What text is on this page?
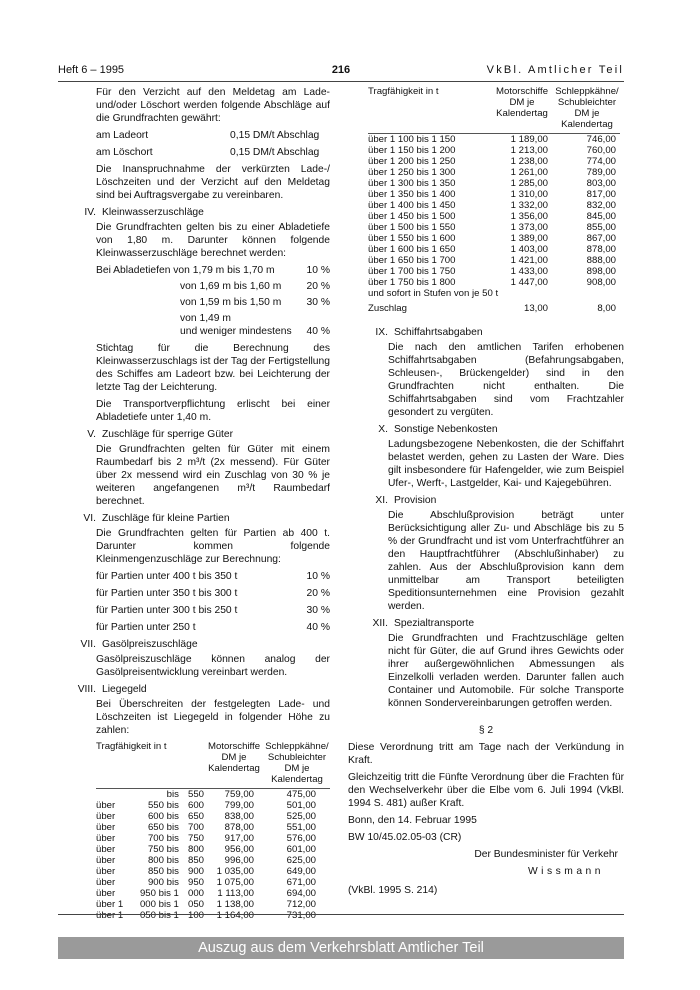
Heft 6 – 1995	216	VkBl. Amtlicher Teil

Für den Verzicht auf den Meldetag am Lade- und/oder Löschort werden folgende Abschläge auf die Grundfrachten gewährt:

am Ladeort	0,15 DM/t Abschlag
am Löschort	0,15 DM/t Abschlag

Die Inanspruchnahme der verkürzten Lade-/ Löschzeiten und der Verzicht auf den Meldetag sind bei Auftragsvergabe zu vereinbaren.

IV. Kleinwasserzuschläge

Die Grundfrachten gelten bis zu einer Abladetiefe von 1,80 m. Darunter können folgende Kleinwasserzuschläge berechnet werden:

Bei Abladetiefen von 1,79 m bis 1,70 m	10 %
von 1,69 m bis 1,60 m 20 %
von 1,59 m bis 1,50 m 30 %
von 1,49 m
und weniger mindestens 40 %

Stichtag für die Berechnung des Kleinwasserzuschlags ist der Tag der Fertigstellung des Schiffes am Ladeort bzw. bei Leichterung der letzte Tag der Leichterung.

Die Transportverpflichtung erlischt bei einer Abladetiefe unter 1,40 m.

V. Zuschläge für sperrige Güter

Die Grundfrachten gelten für Güter mit einem Raumbedarf bis 2 m³/t (2x messend). Für Güter über 2x messend wird ein Zuschlag von 30 % je weiteren angefangenen m³/t Raumbedarf berechnet.

VI. Zuschläge für kleine Partien

Die Grundfrachten gelten für Partien ab 400 t. Darunter kommen folgende Kleinmengenzuschläge zur Berechnung:

für Partien unter 400 t bis 350 t	10 %
für Partien unter 350 t bis 300 t	20 %
für Partien unter 300 t bis 250 t	30 %
für Partien unter 250 t	40 %
VII. Gasölpreiszuschläge

Gasölpreiszuschläge können analog der Gasölpreisentwicklung vereinbart werden.

VIII. Liegegeld

Bei Überschreiten der festgelegten Lade- und Löschzeiten ist Liegegeld in folgender Höhe zu zahlen:

Tragfähigkeit in t			Motorschiffe DM je Kalendertag	Schleppkähne/ Schubleichter DM je Kalendertag
	bis	550	759,00	475,00
über	550 bis	600	799,00	501,00
über	600 bis	650	838,00	525,00
über	650 bis	700	878,00	551,00
über	700 bis	750	917,00	576,00
über	750 bis	800	956,00	601,00
über	800 bis	850	996,00	625,00
über	850 bis	900	1 035,00	649,00
über	900 bis	950	1 075,00	671,00
über	950 bis 1	000	1 113,00	694,00
über 1	000 bis 1	050	1 138,00	712,00
über 1	050 bis 1	100	1 164,00	731,00
Tragfähigkeit in t	Motorschiffe DM je Kalendertag	Schleppkähne/ Schubleichter DM je Kalendertag
über 1 100 bis 1 150	1 189,00	746,00
über 1 150 bis 1 200	1 213,00	760,00
über 1 200 bis 1 250	1 238,00	774,00
über 1 250 bis 1 300	1 261,00	789,00
über 1 300 bis 1 350	1 285,00	803,00
über 1 350 bis 1 400	1 310,00	817,00
über 1 400 bis 1 450	1 332,00	832,00
über 1 450 bis 1 500	1 356,00	845,00
über 1 500 bis 1 550	1 373,00	855,00
über 1 550 bis 1 600	1 389,00	867,00
über 1 600 bis 1 650	1 403,00	878,00
über 1 650 bis 1 700	1 421,00	888,00
über 1 700 bis 1 750	1 433,00	898,00
über 1 750 bis 1 800	1 447,00	908,00
und sofort in Stufen von je 50 t		
Zuschlag	13,00	8,00
IX. Schiffahrtsabgaben

Die nach den amtlichen Tarifen erhobenen Schiffahrtsabgaben (Befahrungsabgaben, Schleusen-, Brückengelder) sind in den Grundfrachten nicht enthalten. Die Schiffahrtsabgaben sind vom Frachtzahler gesondert zu vergüten.

X. Sonstige Nebenkosten

Ladungsbezogene Nebenkosten, die der Schiffahrt belastet werden, gehen zu Lasten der Ware. Dies gilt insbesondere für Hafengelder, wie zum Beispiel Ufer-, Werft-, Lastgelder, Kai- und Kajegebühren.

XI. Provision

Die Abschlußprovision beträgt unter Berücksichtigung aller Zu- und Abschläge bis zu 5 % der Grundfracht und ist vom Unterfrachtführer an den Hauptfrachtführer (Abschlußinhaber) zu zahlen. Aus der Abschlußprovision kann dem unmittelbar am Transport beteiligten Speditionsunternehmen eine Provision gezahlt werden.

XII. Spezialtransporte

Die Grundfrachten und Frachtzuschläge gelten nicht für Güter, die auf Grund ihres Gewichts oder ihrer außergewöhnlichen Abmessungen als Einzelkolli verladen werden. Darunter fallen auch Container und Automobile. Für solche Transporte können Sondervereinbarungen getroffen werden.

§ 2

Diese Verordnung tritt am Tage nach der Verkündung in Kraft.

Gleichzeitig tritt die Fünfte Verordnung über die Frachten für den Wechselverkehr über die Elbe vom 6. Juli 1994 (VkBl. 1994 S. 481) außer Kraft.

Bonn, den 14. Februar 1995

BW 10/45.02.05-03 (CR)

Der Bundesminister für Verkehr

Wissmann

(VkBl. 1995 S. 214)

Auszug aus dem Verkehrsblatt Amtlicher Teil
